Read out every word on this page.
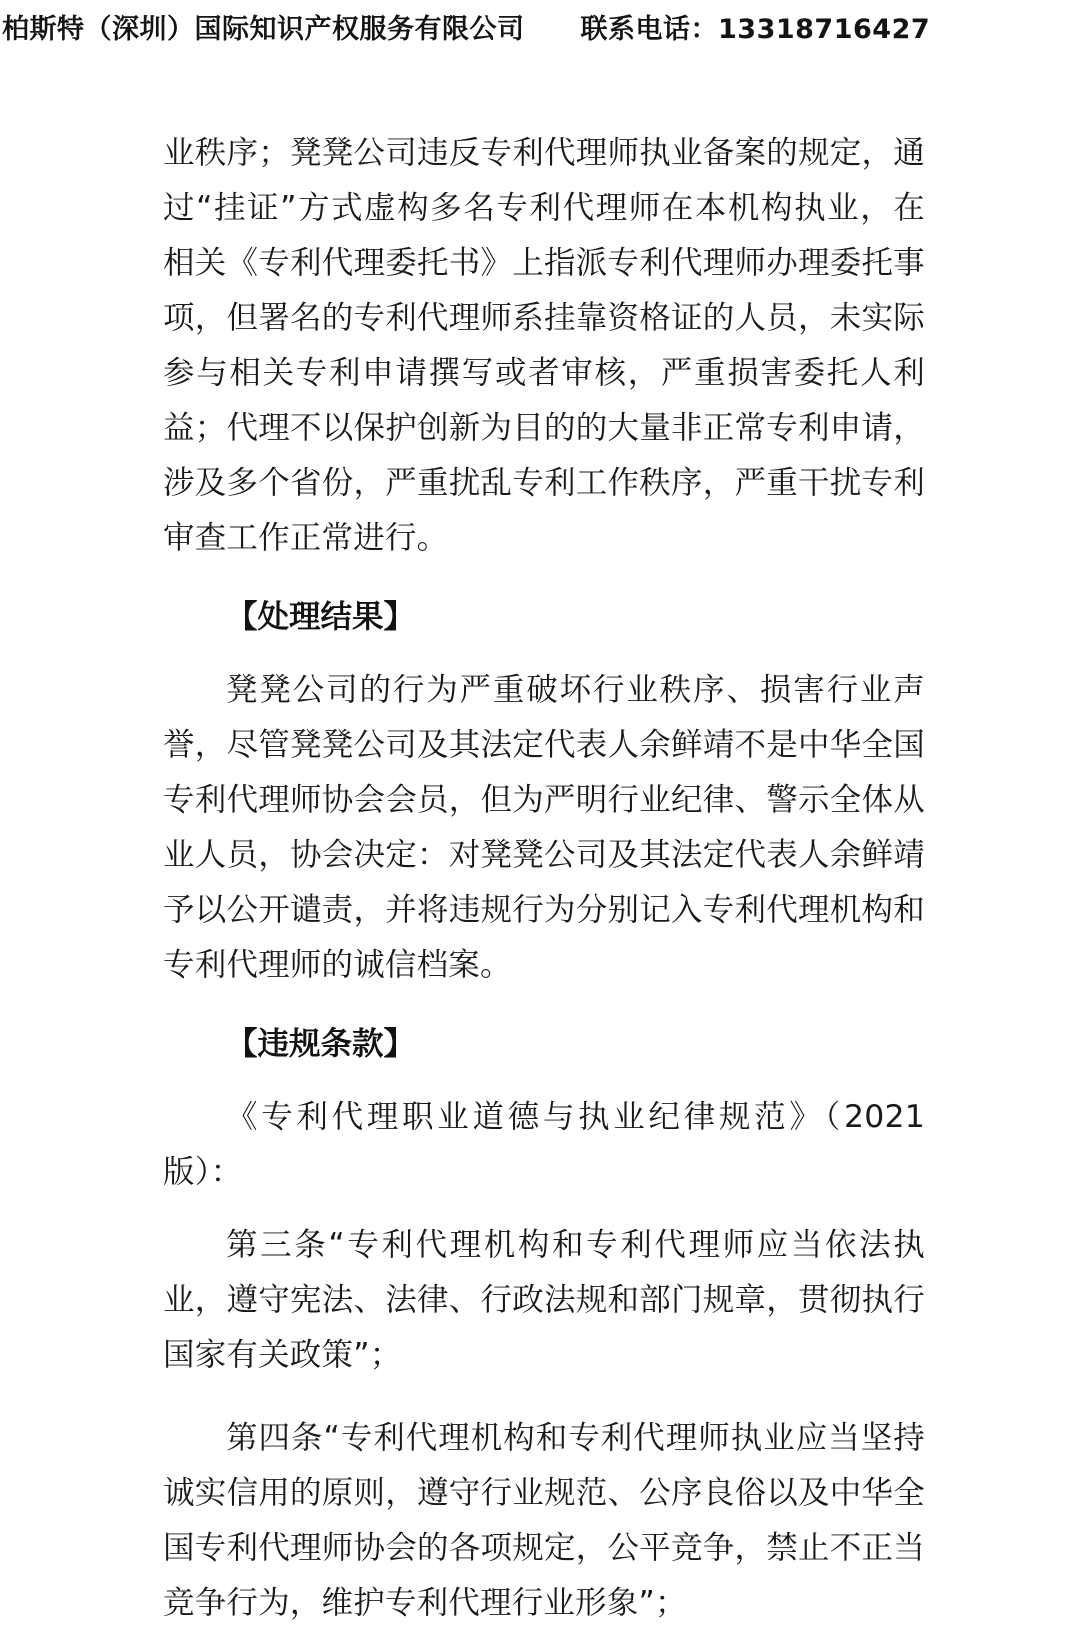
柏斯特（深圳）国际知识产权服务有限公司 联系电话：13318716427

业秩序；凳凳公司违反专利代理师执业备案的规定，通过“挂证”方式虚构多名专利代理师在本机构执业，在相关《专利代理委托书》上指派专利代理师办理委托事项，但署名的专利代理师系挂靠资格证的人员，未实际参与相关专利申请撰写或者审核，严重损害委托人利益；代理不以保护创新为目的的大量非正常专利申请，涉及多个省份，严重扰乱专利工作秩序，严重干扰专利审查工作正常进行。

【处理结果】

凳凳公司的行为严重破坏行业秩序、损害行业声誉，尽管凳凳公司及其法定代表人余鲜靖不是中华全国专利代理师协会会员，但为严明行业纪律、警示全体从业人员，协会决定：对凳凳公司及其法定代表人余鲜靖予以公开谴责，并将违规行为分别记入专利代理机构和专利代理师的诚信档案。

【违规条款】

《专利代理职业道德与执业纪律规范》（2021 版）：

第三条“专利代理机构和专利代理师应当依法执业，遵守宪法、法律、行政法规和部门规章，贯彻执行国家有关政策”；

第四条“专利代理机构和专利代理师执业应当坚持诚实信用的原则，遵守行业规范、公序良俗以及中华全国专利代理师协会的各项规定，公平竞争，禁止不正当竞争行为，维护专利代理行业形象”；
